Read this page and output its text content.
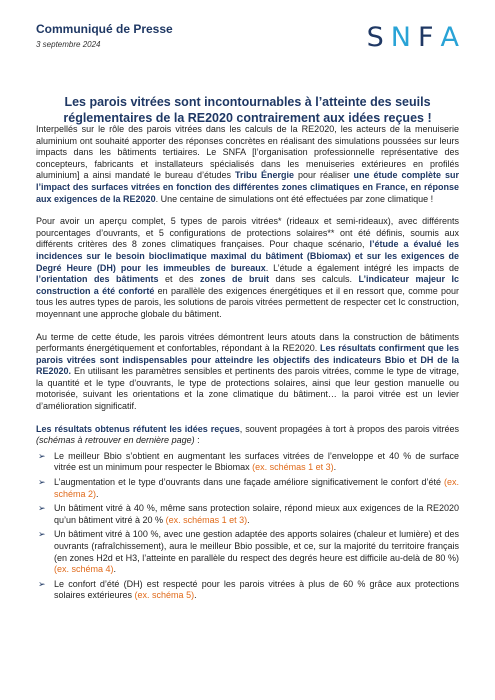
Communiqué de Presse
3 septembre 2024	S N F A
Les parois vitrées sont incontournables à l’atteinte des seuils réglementaires de la RE2020 contrairement aux idées reçues !

Interpellés sur le rôle des parois vitrées dans les calculs de la RE2020, les acteurs de la menuiserie aluminium ont souhaité apporter des réponses concrètes en réalisant des simulations poussées sur leurs impacts dans les bâtiments tertiaires. Le SNFA [l’organisation professionnelle représentative des concepteurs, fabricants et installateurs spécialisés dans les menuiseries extérieures en profilés aluminium] a ainsi mandaté le bureau d’études Tribu Énergie pour réaliser une étude complète sur l’impact des surfaces vitrées en fonction des différentes zones climatiques en France, en réponse aux exigences de la RE2020. Une centaine de simulations ont été effectuées par zone climatique !

Pour avoir un aperçu complet, 5 types de parois vitrées* (rideaux et semi-rideaux), avec différents pourcentages d’ouvrants, et 5 configurations de protections solaires** ont été définis, soumis aux différents critères des 8 zones climatiques françaises. Pour chaque scénario, l’étude a évalué les incidences sur le besoin bioclimatique maximal du bâtiment (Bbiomax) et sur les exigences de Degré Heure (DH) pour les immeubles de bureaux. L’étude a également intégré les impacts de l’orientation des bâtiments et des zones de bruit dans ses calculs. L’indicateur majeur Ic construction a été conforté en parallèle des exigences énergétiques et il en ressort que, comme pour tous les autres types de parois, les solutions de parois vitrées permettent de respecter cet Ic construction, moyennant une approche globale du bâtiment.

Au terme de cette étude, les parois vitrées démontrent leurs atouts dans la construction de bâtiments performants énergétiquement et confortables, répondant à la RE2020. Les résultats confirment que les parois vitrées sont indispensables pour atteindre les objectifs des indicateurs Bbio et DH de la RE2020. En utilisant les paramètres sensibles et pertinents des parois vitrées, comme le type de vitrage, la quantité et le type d’ouvrants, le type de protections solaires, ainsi que leur gestion manuelle ou motorisée, suivant les orientations et la zone climatique du bâtiment… la paroi vitrée est un levier d’amélioration significatif.

Les résultats obtenus réfutent les idées reçues, souvent propagées à tort à propos des parois vitrées (schémas à retrouver en dernière page) :

➢ Le meilleur Bbio s’obtient en augmentant les surfaces vitrées de l’enveloppe et 40 % de surface vitrée est un minimum pour respecter le Bbiomax (ex. schémas 1 et 3).
➢ L’augmentation et le type d’ouvrants dans une façade améliore significativement le confort d’été (ex. schéma 2).
➢ Un bâtiment vitré à 40 %, même sans protection solaire, répond mieux aux exigences de la RE2020 qu’un bâtiment vitré à 20 % (ex. schémas 1 et 3).
➢ Un bâtiment vitré à 100 %, avec une gestion adaptée des apports solaires (chaleur et lumière) et des ouvrants (rafraîchissement), aura le meilleur Bbio possible, et ce, sur la majorité du territoire français (en zones H2d et H3, l’atteinte en parallèle du respect des degrés heure est difficile au-delà de 80 %) (ex. schéma 4).
➢ Le confort d’été (DH) est respecté pour les parois vitrées à plus de 60 % grâce aux protections solaires extérieures (ex. schéma 5).
